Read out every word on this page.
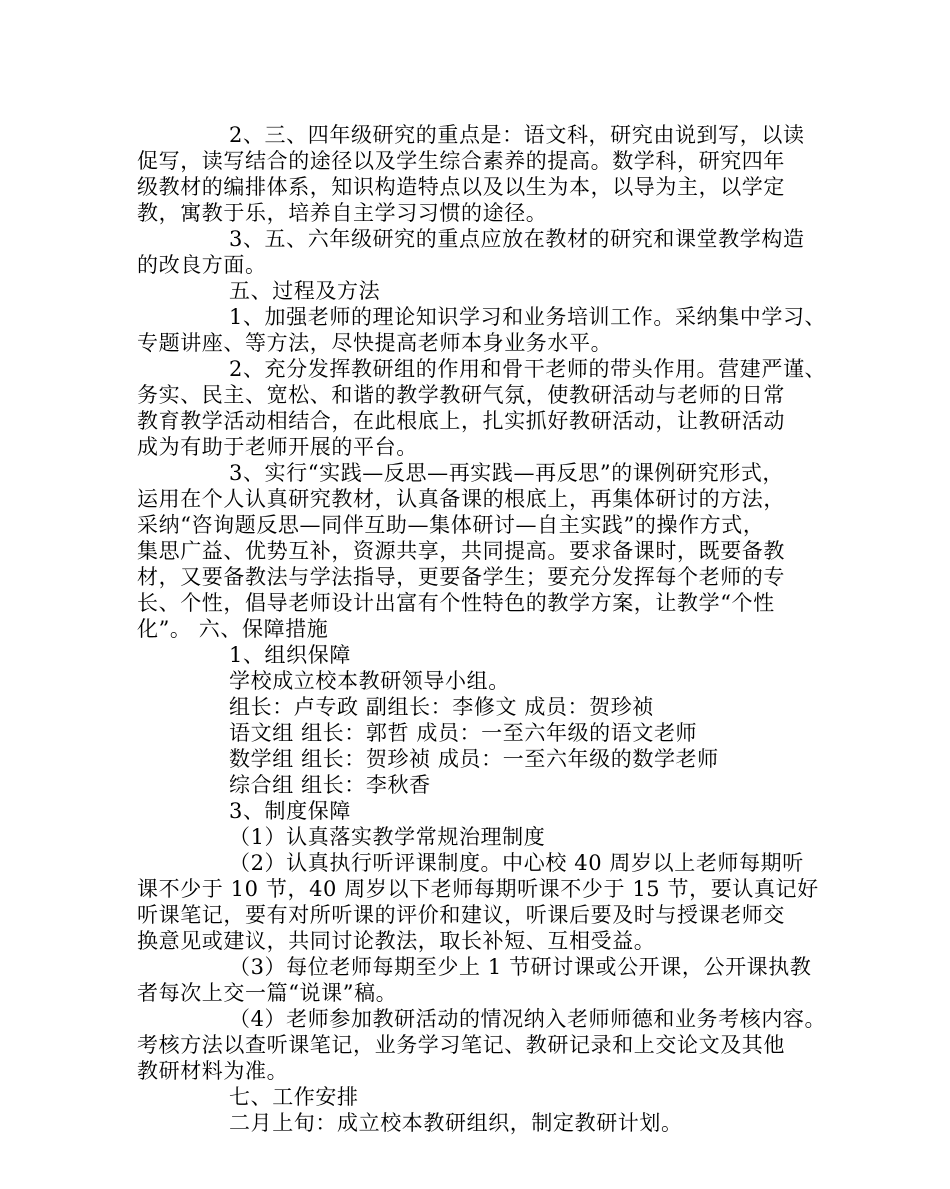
2、三、四年级研究的重点是：语文科，研究由说到写，以读

促写，读写结合的途径以及学生综合素养的提高。数学科，研究四年

级教材的编排体系，知识构造特点以及以生为本，以导为主，以学定

教，寓教于乐，培养自主学习习惯的途径。

3、五、六年级研究的重点应放在教材的研究和课堂教学构造

的改良方面。

五、过程及方法

1、加强老师的理论知识学习和业务培训工作。采纳集中学习、

专题讲座、等方法，尽快提高老师本身业务水平。

2、充分发挥教研组的作用和骨干老师的带头作用。营建严谨、

务实、民主、宽松、和谐的教学教研气氛，使教研活动与老师的日常

教育教学活动相结合，在此根底上，扎实抓好教研活动，让教研活动

成为有助于老师开展的平台。

3、实行“实践—反思—再实践—再反思”的课例研究形式，

运用在个人认真研究教材，认真备课的根底上，再集体研讨的方法，

采纳“咨询题反思—同伴互助—集体研讨—自主实践”的操作方式，

集思广益、优势互补，资源共享，共同提高。要求备课时，既要备教

材，又要备教法与学法指导，更要备学生；要充分发挥每个老师的专

长、个性，倡导老师设计出富有个性特色的教学方案，让教学“个性

化”。 六、保障措施

1、组织保障

学校成立校本教研领导小组。

组长：卢专政 副组长：李修文 成员：贺珍祯

语文组 组长：郭哲 成员：一至六年级的语文老师

数学组 组长：贺珍祯 成员：一至六年级的数学老师

综合组 组长：李秋香

3、制度保障

（1）认真落实教学常规治理制度

（2）认真执行听评课制度。中心校 40 周岁以上老师每期听

课不少于 10 节，40 周岁以下老师每期听课不少于 15 节，要认真记好

听课笔记，要有对所听课的评价和建议，听课后要及时与授课老师交

换意见或建议，共同讨论教法，取长补短、互相受益。

（3）每位老师每期至少上 1 节研讨课或公开课，公开课执教

者每次上交一篇“说课”稿。

（4）老师参加教研活动的情况纳入老师师德和业务考核内容。

考核方法以查听课笔记，业务学习笔记、教研记录和上交论文及其他

教研材料为准。

七、工作安排

二月上旬：成立校本教研组织，制定教研计划。
